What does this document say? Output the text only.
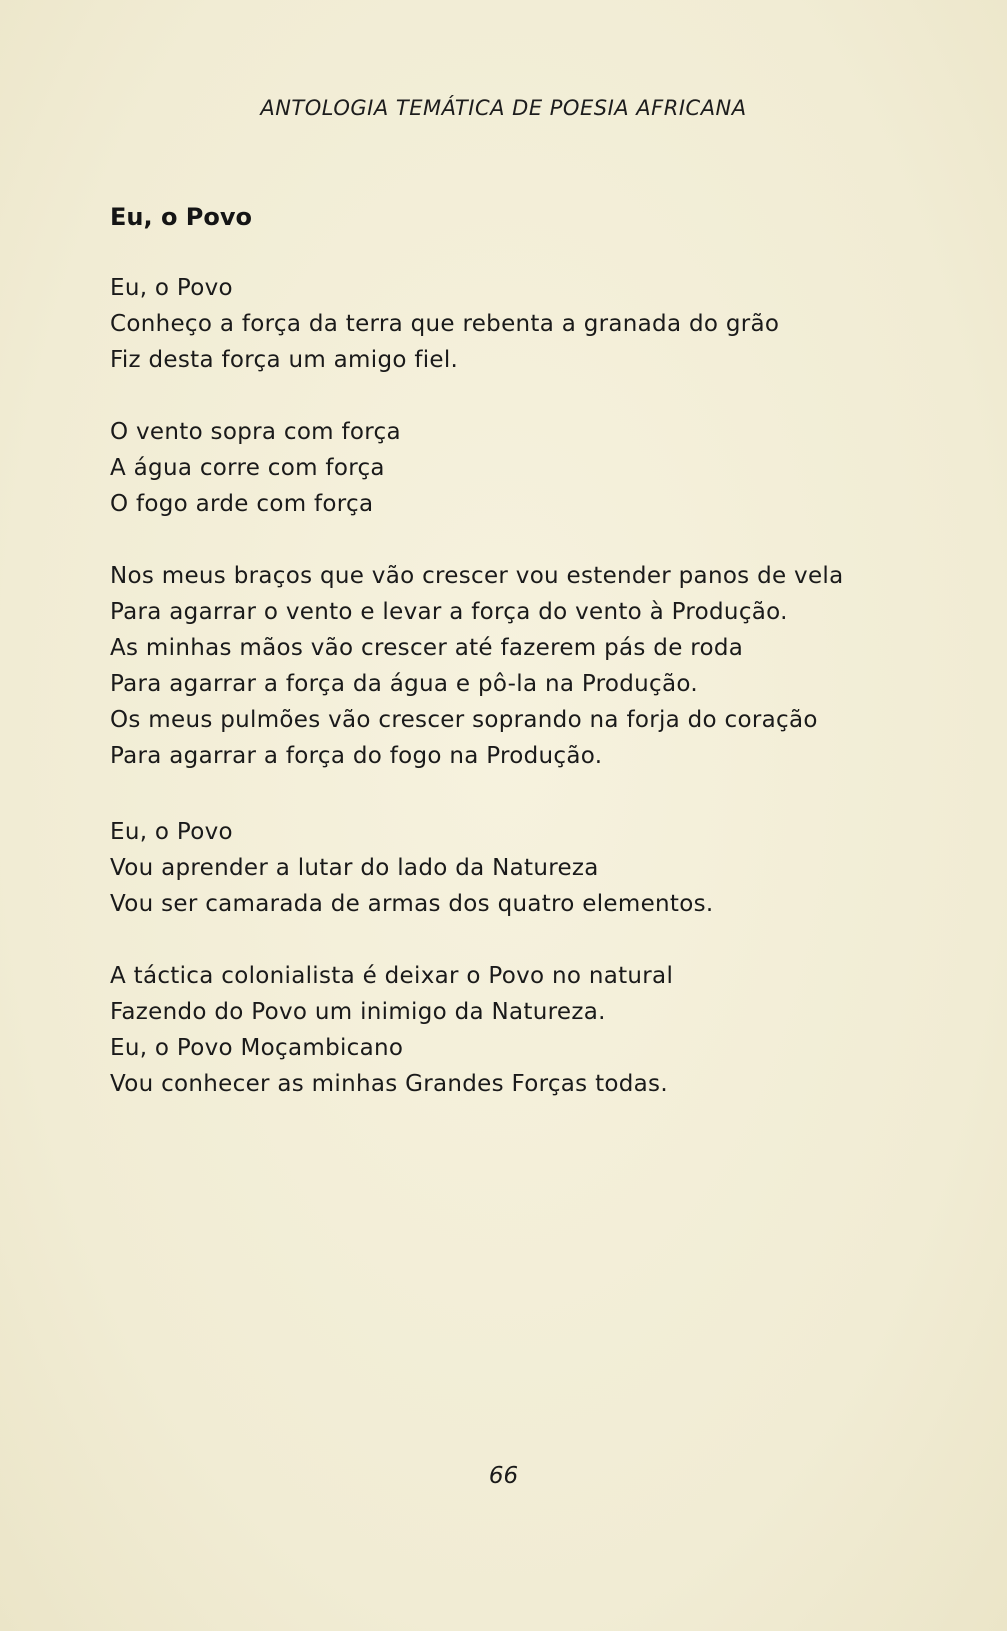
ANTOLOGIA TEMÁTICA DE POESIA AFRICANA
Eu, o Povo
Eu, o Povo
Conheço a força da terra que rebenta a granada do grão
Fiz desta força um amigo fiel.
O vento sopra com força
A água corre com força
O fogo arde com força
Nos meus braços que vão crescer vou estender panos de vela
Para agarrar o vento e levar a força do vento à Produção.
As minhas mãos vão crescer até fazerem pás de roda
Para agarrar a força da água e pô-la na Produção.
Os meus pulmões vão crescer soprando na forja do coração
Para agarrar a força do fogo na Produção.
Eu, o Povo
Vou aprender a lutar do lado da Natureza
Vou ser camarada de armas dos quatro elementos.
A táctica colonialista é deixar o Povo no natural
Fazendo do Povo um inimigo da Natureza.
Eu, o Povo Moçambicano
Vou conhecer as minhas Grandes Forças todas.
66
